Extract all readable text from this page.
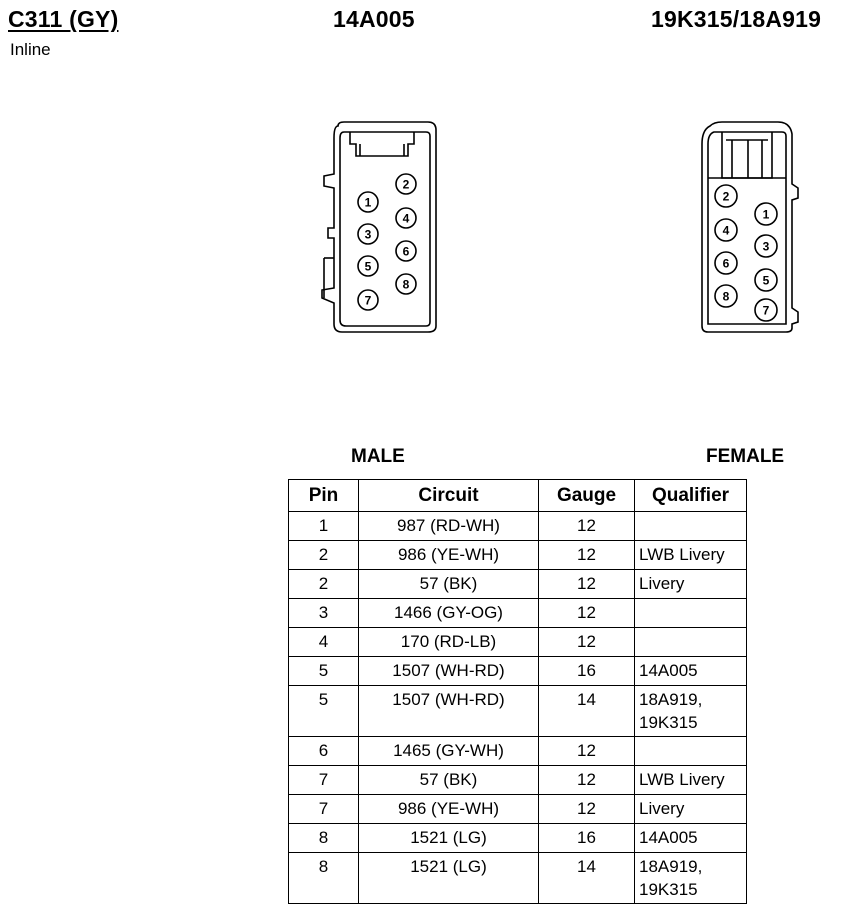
C311 (GY)	14A005	19K315/18A919
Inline
1
2
3
4
5
6
7
8
1
2
3
4
5
6
7
8
MALE	FEMALE
Pin	Circuit	Gauge	Qualifier
1	987 (RD-WH)	12	
2	986 (YE-WH)	12	LWB Livery
2	57 (BK)	12	Livery
3	1466 (GY-OG)	12	
4	170 (RD-LB)	12	
5	1507 (WH-RD)	16	14A005
5	1507 (WH-RD)	14	18A919,
19K315
6	1465 (GY-WH)	12	
7	57 (BK)	12	LWB Livery
7	986 (YE-WH)	12	Livery
8	1521 (LG)	16	14A005
8	1521 (LG)	14	18A919,
19K315
